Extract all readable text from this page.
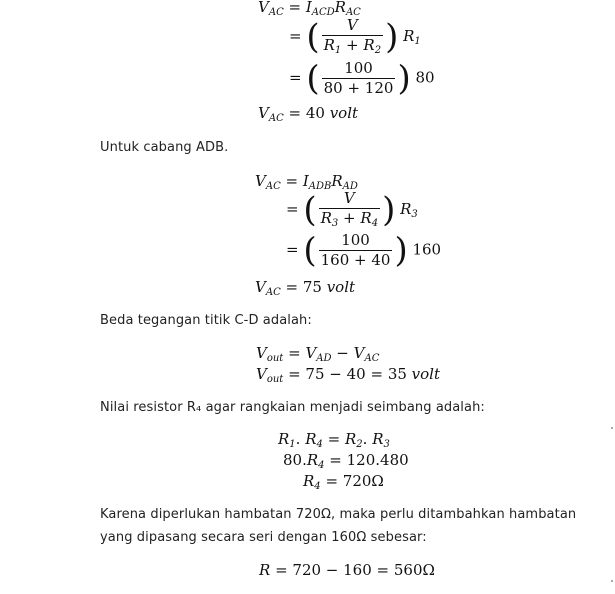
$V_{AC} = I_{ACD}R_{AC}$
= ( $\frac{V}{R_1 + R_2}$ ) $R_1$
= ( $\frac{100}{80 + 120}$ ) 80
$V_{AC} = 40$ volt
Untuk cabang ADB.
$V_{AC} = I_{ADB}R_{AD}$
= ( $\frac{V}{R_3 + R_4}$ ) $R_3$
= ( $\frac{100}{160 + 40}$ ) 160
$V_{AC} = 75$ volt
Beda tegangan titik C-D adalah:
$V_{out} = V_{AD} - V_{AC}$
$V_{out} = 75 - 40 = 35$ volt
Nilai resistor R₄ agar rangkaian menjadi seimbang adalah:
$R_1$. $R_4 = R_2$. $R_3$
$80.R_4 = 120.480$
$R_4 = 720\Omega$
Karena diperlukan hambatan 720Ω, maka perlu ditambahkan hambatan
yang dipasang secara seri dengan 160Ω sebesar:
R = 720 − 160 = 560Ω
